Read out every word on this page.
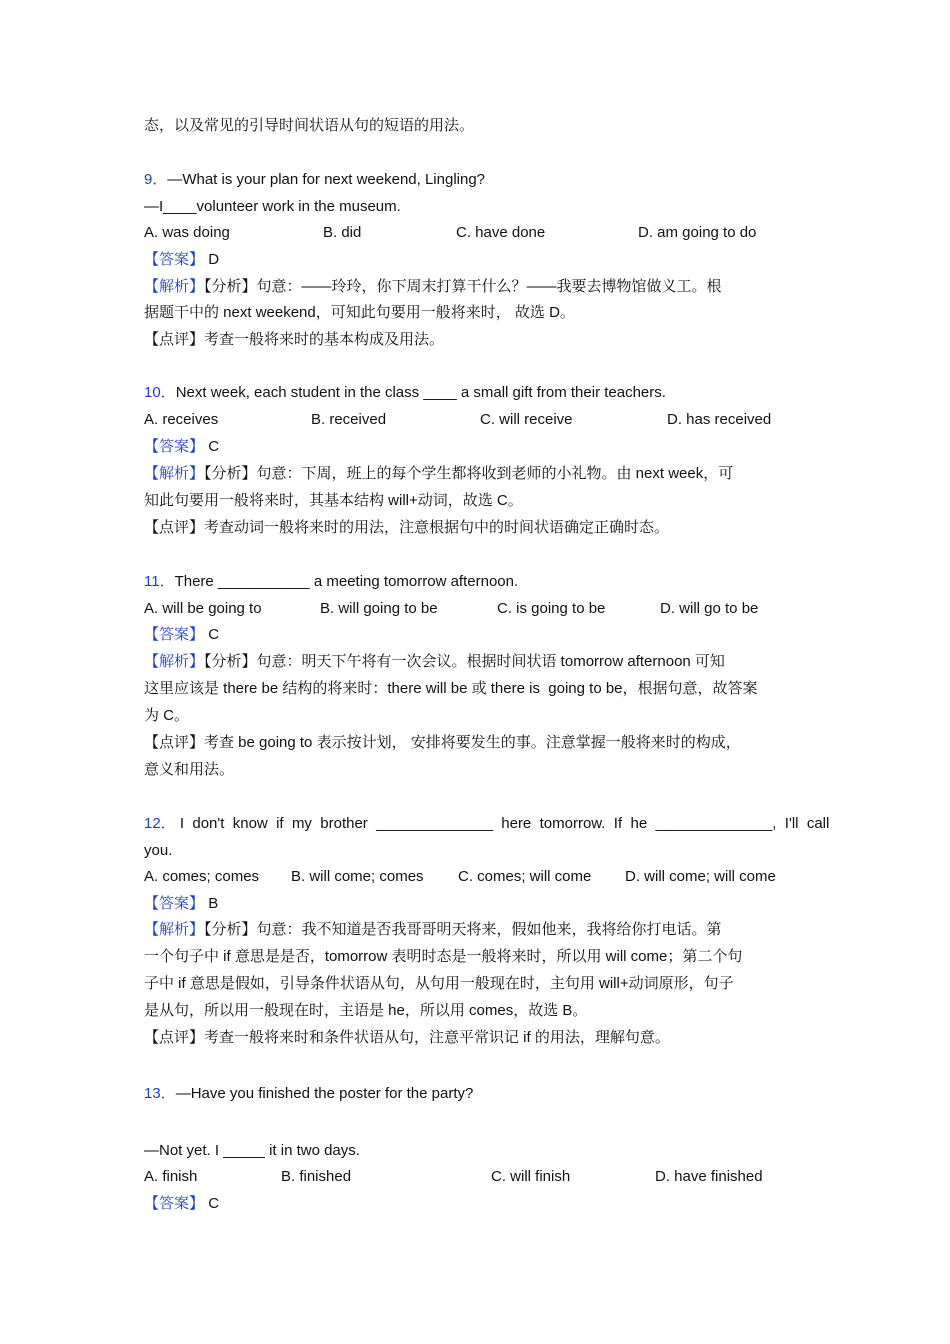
态，以及常见的引导时间状语从句的短语的用法。
9．—What is your plan for next weekend, Lingling?
—I____volunteer work in the museum.
A. was doing	B. did	C. have done	D. am going to do
【答案】 D
【解析】【分析】句意：——玲玲，你下周末打算干什么？——我要去博物馆做义工。根
据题干中的 next weekend，可知此句要用一般将来时， 故选 D。
【点评】考查一般将来时的基本构成及用法。
10．Next week, each student in the class ____ a small gift from their teachers.
A. receives	B. received	C. will receive	D. has received
【答案】 C
【解析】【分析】句意：下周，班上的每个学生都将收到老师的小礼物。由 next week，可
知此句要用一般将来时，其基本结构 will+动词，故选 C。
【点评】考查动词一般将来时的用法，注意根据句中的时间状语确定正确时态。
11．There ___________ a meeting tomorrow afternoon.
A. will be going to	B. will going to be	C. is going to be	D. will go to be
【答案】 C
【解析】【分析】句意：明天下午将有一次会议。根据时间状语 tomorrow afternoon 可知
这里应该是 there be 结构的将来时：there will be 或 there is  going to be，根据句意，故答案
为 C。
【点评】考查 be going to 表示按计划， 安排将要发生的事。注意掌握一般将来时的构成，
意义和用法。
12． I  don't  know  if  my  brother  ______________  here  tomorrow.  If  he  ______________,  I'll  call
you.
A. comes; comes B. will come; comes C. comes; will come D. will come; will come
【答案】 B
【解析】【分析】句意：我不知道是否我哥哥明天将来，假如他来，我将给你打电话。第
一个句子中 if 意思是是否，tomorrow 表明时态是一般将来时，所以用 will come；第二个句
子中 if 意思是假如，引导条件状语从句，从句用一般现在时，主句用 will+动词原形，句子
是从句，所以用一般现在时，主语是 he，所以用 comes，故选 B。
【点评】考查一般将来时和条件状语从句，注意平常识记 if 的用法，理解句意。
13．—Have you finished the poster for the party?
—Not yet. I _____ it in two days.
A. finish	B. finished	C. will finish	D. have finished
【答案】 C
